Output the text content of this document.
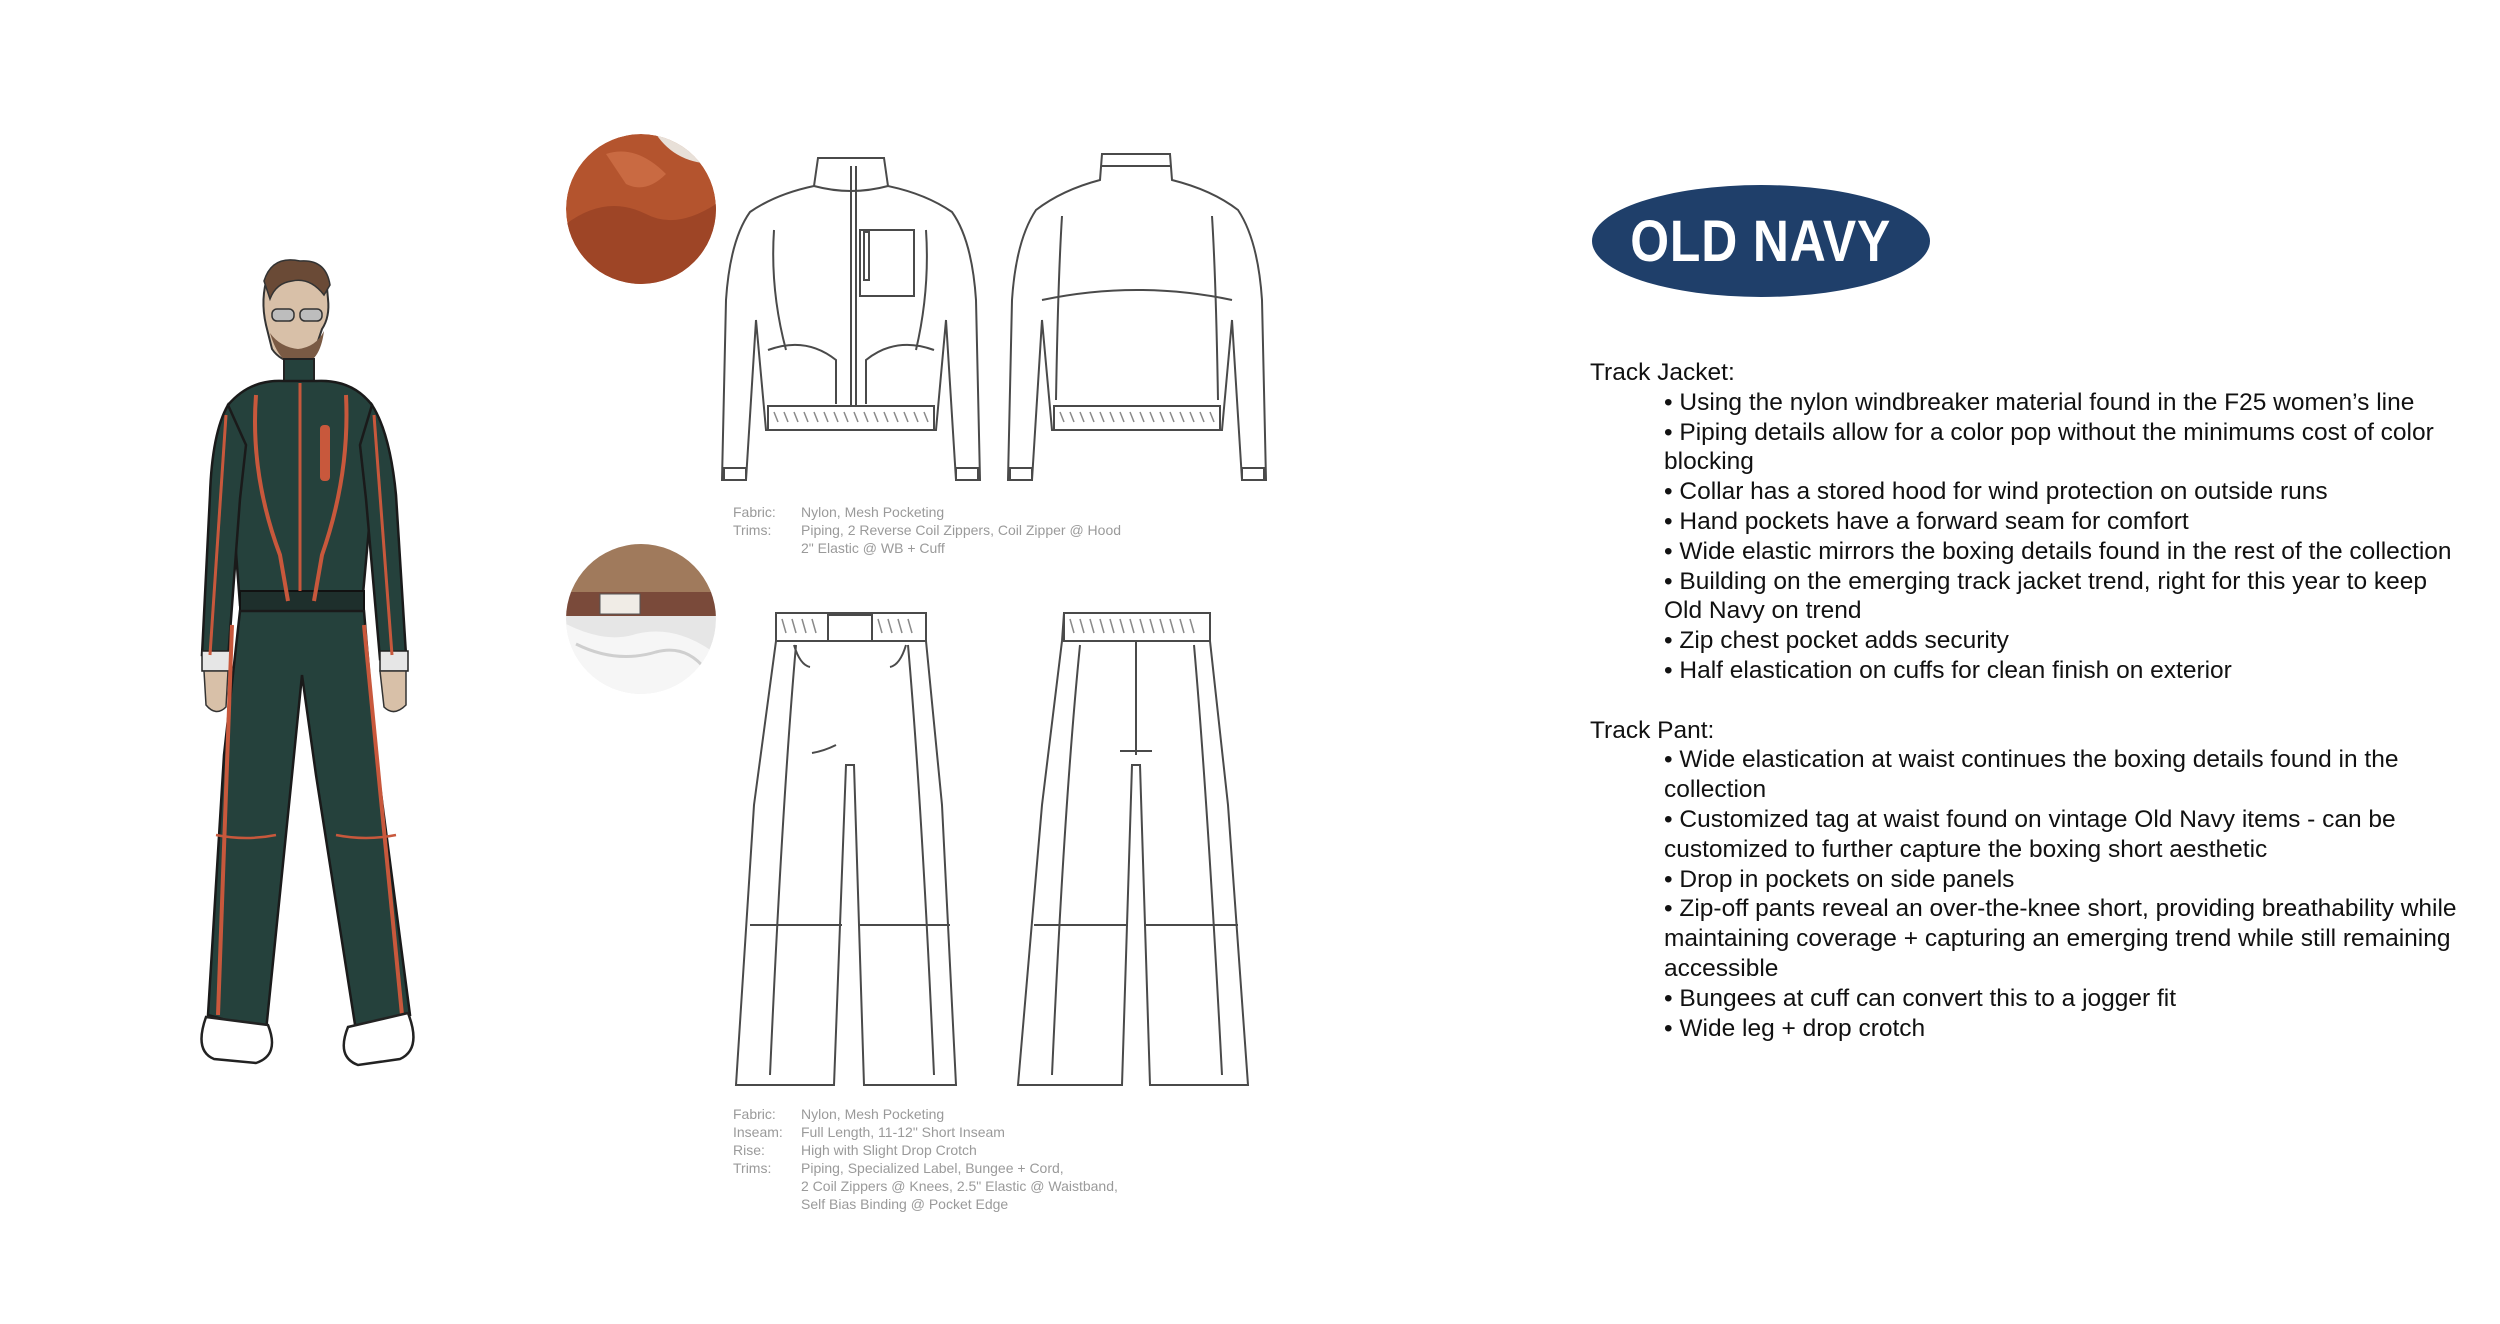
Fabric:	Nylon, Mesh Pocketing
Trims:	Piping, 2 Reverse Coil Zippers, Coil Zipper @ Hood
2" Elastic @ WB + Cuff
Fabric:	Nylon, Mesh Pocketing
Inseam:	Full Length, 11-12" Short Inseam
Rise:	High with Slight Drop Crotch
Trims:	Piping, Specialized Label, Bungee + Cord,
2 Coil Zippers @ Knees, 2.5" Elastic @ Waistband,
Self Bias Binding @ Pocket Edge
OLD NAVY
Track Jacket:
• Using the nylon windbreaker material found in the F25 women’s line
• Piping details allow for a color pop without the minimums cost of color blocking
• Collar has a stored hood for wind protection on outside runs
• Hand pockets have a forward seam for comfort
• Wide elastic mirrors the boxing details found in the rest of the collection
• Building on the emerging track jacket trend, right for this year to keep Old Navy on trend
• Zip chest pocket adds security
• Half elastication on cuffs for clean finish on exterior
Track Pant:
• Wide elastication at waist continues the boxing details found in the collection
• Customized tag at waist found on vintage Old Navy items - can be customized to further capture the boxing short aesthetic
• Drop in pockets on side panels
• Zip-off pants reveal an over-the-knee short, providing breathability while maintaining coverage + capturing an emerging trend while still remaining accessible
• Bungees at cuff can convert this to a jogger fit
• Wide leg + drop crotch
